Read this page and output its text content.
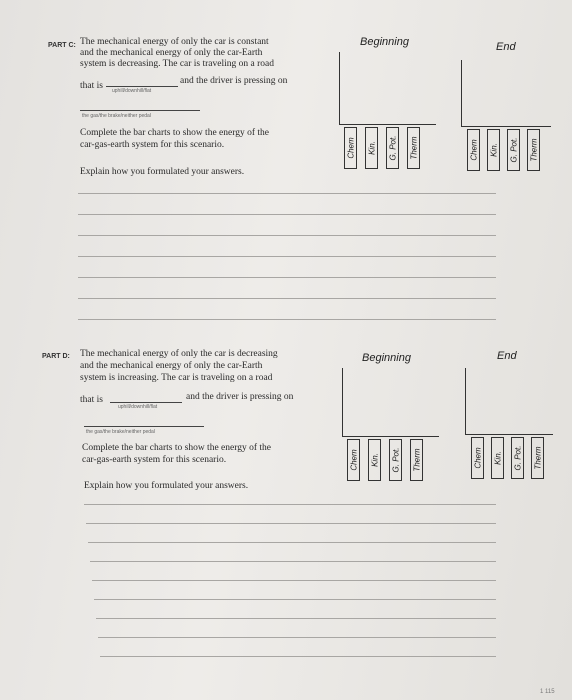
PART C: The mechanical energy of only the car is constant
and the mechanical energy of only the car-Earth
system is decreasing. The car is traveling on a road
that is uphill/downhill/flat
and the driver is pressing on
the gas/the brake/neither pedal
Complete the bar charts to show the energy of the
car-gas-earth system for this scenario.
Explain how you formulated your answers.
Beginning	End
Chem Kin. G. Pot. Therm	Chem Kin. G. Pot. Therm
PART D: The mechanical energy of only the car is decreasing
and the mechanical energy of only the car-Earth
system is increasing. The car is traveling on a road
that is
uphill/downhill/flat
and the driver is pressing on
the gas/the brake/neither pedal
Complete the bar charts to show the energy of the
car-gas-earth system for this scenario.
Explain how you formulated your answers.
Beginning	End
Chem Kin. G. Pot. Therm	Chem Kin. G. Pot. Therm
1 115
